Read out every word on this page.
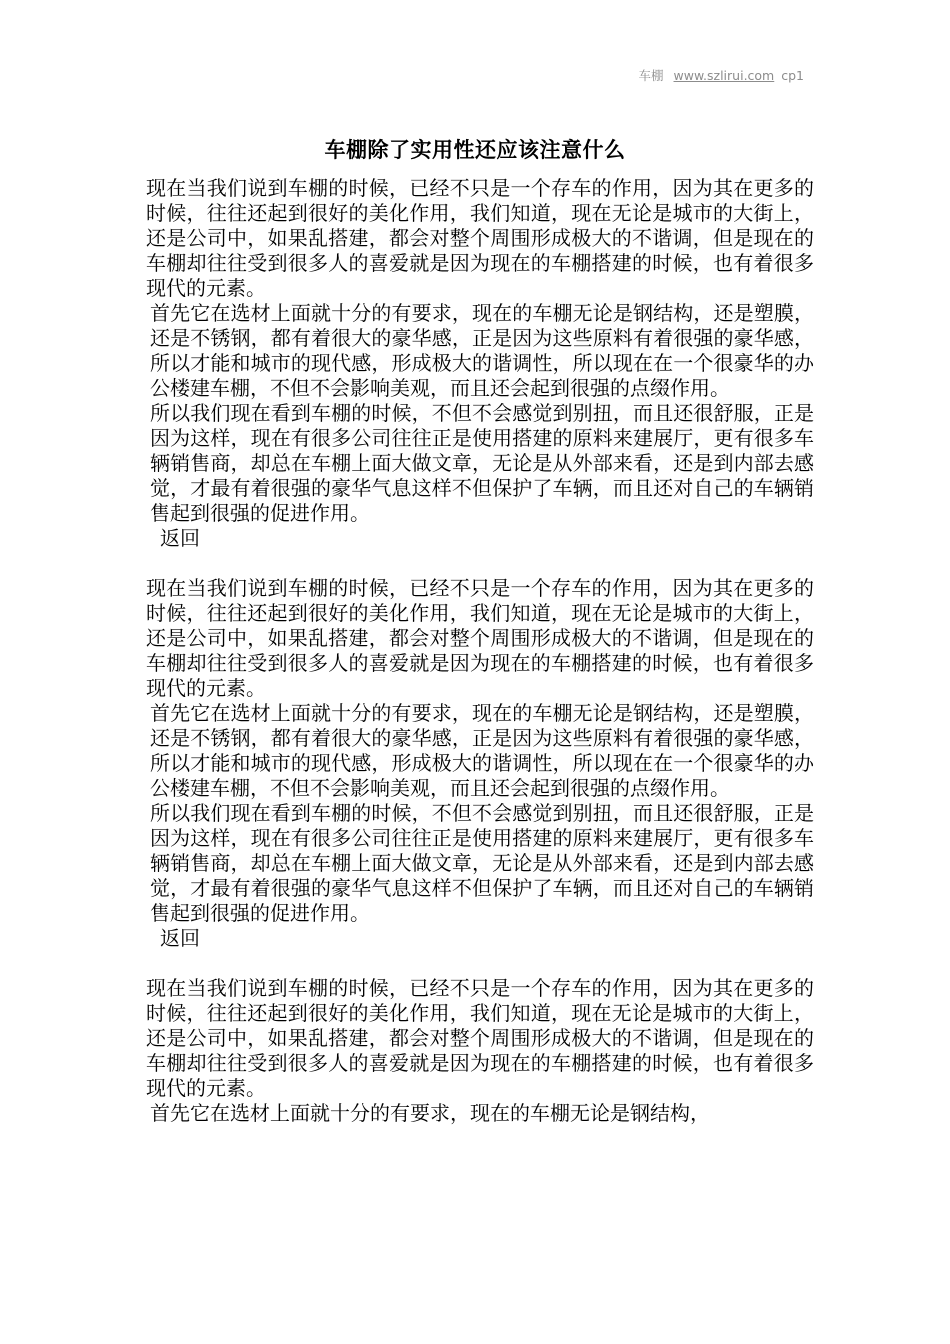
车棚 www.szlirui.com cp1
车棚除了实用性还应该注意什么

现在当我们说到车棚的时候，已经不只是一个存车的作用，因为其在更多的时候，往往还起到很好的美化作用，我们知道，现在无论是城市的大街上，还是公司中，如果乱搭建，都会对整个周围形成极大的不谐调，但是现在的车棚却往往受到很多人的喜爱就是因为现在的车棚搭建的时候，也有着很多现代的元素。

首先它在选材上面就十分的有要求，现在的车棚无论是钢结构，还是塑膜，还是不锈钢，都有着很大的豪华感，正是因为这些原料有着很强的豪华感，所以才能和城市的现代感，形成极大的谐调性，所以现在在一个很豪华的办公楼建车棚，不但不会影响美观，而且还会起到很强的点缀作用。

所以我们现在看到车棚的时候，不但不会感觉到别扭，而且还很舒服，正是因为这样，现在有很多公司往往正是使用搭建的原料来建展厅，更有很多车辆销售商，却总在车棚上面大做文章，无论是从外部来看，还是到内部去感觉，才最有着很强的豪华气息这样不但保护了车辆，而且还对自己的车辆销售起到很强的促进作用。

返回

现在当我们说到车棚的时候，已经不只是一个存车的作用，因为其在更多的时候，往往还起到很好的美化作用，我们知道，现在无论是城市的大街上，还是公司中，如果乱搭建，都会对整个周围形成极大的不谐调，但是现在的车棚却往往受到很多人的喜爱就是因为现在的车棚搭建的时候，也有着很多现代的元素。

首先它在选材上面就十分的有要求，现在的车棚无论是钢结构，还是塑膜，还是不锈钢，都有着很大的豪华感，正是因为这些原料有着很强的豪华感，所以才能和城市的现代感，形成极大的谐调性，所以现在在一个很豪华的办公楼建车棚，不但不会影响美观，而且还会起到很强的点缀作用。

所以我们现在看到车棚的时候，不但不会感觉到别扭，而且还很舒服，正是因为这样，现在有很多公司往往正是使用搭建的原料来建展厅，更有很多车辆销售商，却总在车棚上面大做文章，无论是从外部来看，还是到内部去感觉，才最有着很强的豪华气息这样不但保护了车辆，而且还对自己的车辆销售起到很强的促进作用。

返回

现在当我们说到车棚的时候，已经不只是一个存车的作用，因为其在更多的时候，往往还起到很好的美化作用，我们知道，现在无论是城市的大街上，还是公司中，如果乱搭建，都会对整个周围形成极大的不谐调，但是现在的车棚却往往受到很多人的喜爱就是因为现在的车棚搭建的时候，也有着很多现代的元素。

首先它在选材上面就十分的有要求，现在的车棚无论是钢结构，
